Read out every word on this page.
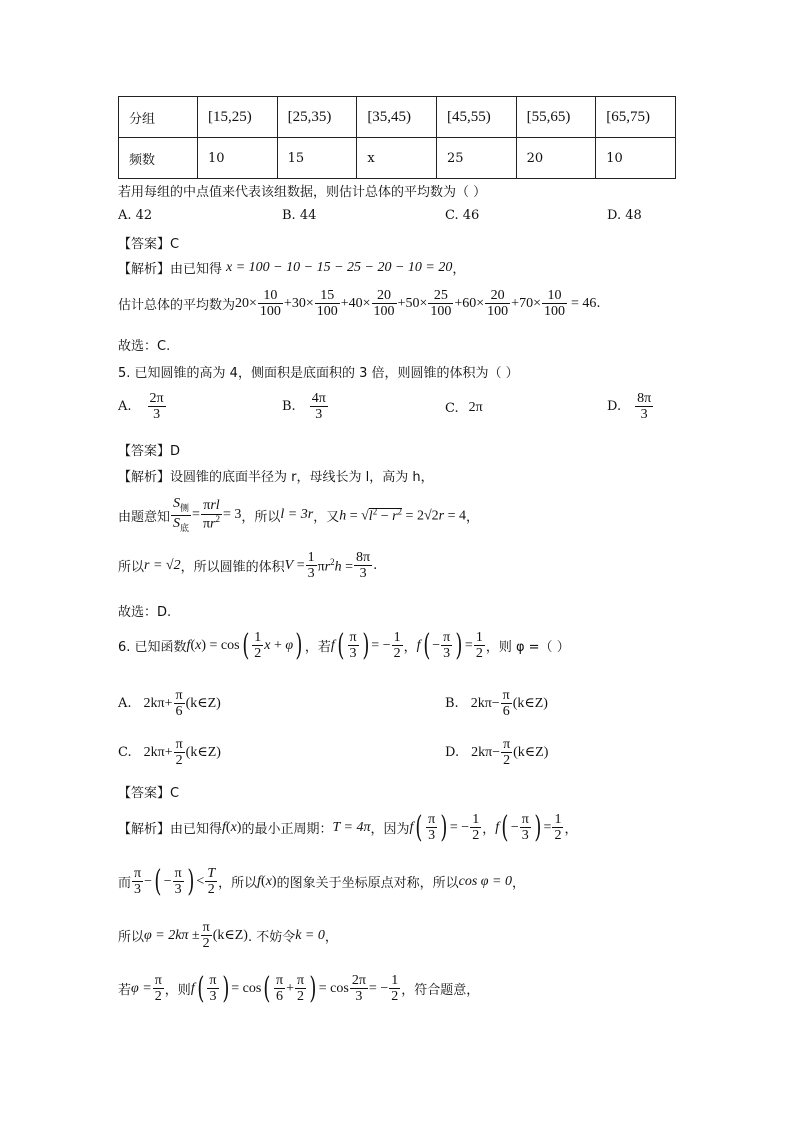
分组	[15,25)	[25,35)	[35,45)	[45,55)	[55,65)	[65,75)
频数	10	15	x	25	20	10
若用每组的中点值来代表该组数据，则估计总体的平均数为（ ）
A. 42	B. 44	C. 46	D. 48
【答案】C
【解析】由已知得 x = 100 − 10 − 15 − 25 − 20 − 10 = 20 ，
估计总体的平均数为 $20\times \frac{10}{100} + 30\times \frac{15}{100} + 40\times \frac{20}{100} + 50\times \frac{25}{100} + 60\times \frac{20}{100} + 70\times \frac{10}{100} = 46$ .
故选：C.
5. 已知圆锥的高为 4，侧面积是底面积的 3 倍，则圆锥的体积为（ ）
A. $\frac{2\pi}{3}$	B. $\frac{4\pi}{3}$	C. 2π	D. $\frac{8\pi}{3}$
【答案】D
【解析】设圆锥的底面半径为 r，母线长为 l，高为 h，
由题意知 $\frac{S_侧}{S_底} = \frac{\text{πrl}}{\pi r^2} = 3$ ，所以 l = 3r ，又 $h = √l^2 - r^2 = 2√2r = 4$ ，
所以 r = √2 ，所以圆锥的体积 $V = \frac{1}{3} \pi r^2h = \frac{8\pi}{3}$ .
故选：D.
6. 已知函数 f(x) = cos ( $\frac{1}{2}$ x + φ ) ，若 f ( $\frac{\pi}{3}$ ) = − $\frac{1}{2}$ ， f ( − $\frac{\pi}{3}$ ) = $\frac{1}{2}$ ，则 φ =（ ）
A. $2k\pi+ \frac{\pi}{6}$ (k∈Z)	B. $2k\pi- \frac{\pi}{6}$ (k∈Z)
C. $2k\pi+ \frac{\pi}{2}$ (k∈Z)	D. $2k\pi- \frac{\pi}{2}$ (k∈Z)
【答案】C
【解析】由已知得 f(x) 的最小正周期： T = 4π ，因为 f ( $\frac{\pi}{3}$ ) = − $\frac{1}{2}$ ， f ( − $\frac{\pi}{3}$ ) = $\frac{1}{2}$ ，
而 $\frac{\pi}{3}$ − ( − $\frac{\pi}{3}$ ) < $\frac{T}{2}$ ，所以 f(x) 的图象关于坐标原点对称，所以 cos φ = 0 ，
所以 $\varphi = 2k\pi \pm \frac{\pi}{2}$ (k∈Z) . 不妨令 k = 0 ，
若 $\varphi = \frac{\pi}{2}$ ，则 f ( $\frac{\pi}{3}$ ) = cos ( $\frac{\pi}{6} + \frac{\pi}{2}$ ) = $\cos \frac{2\pi}{3}$ = − $\frac{1}{2}$ ，符合题意，
